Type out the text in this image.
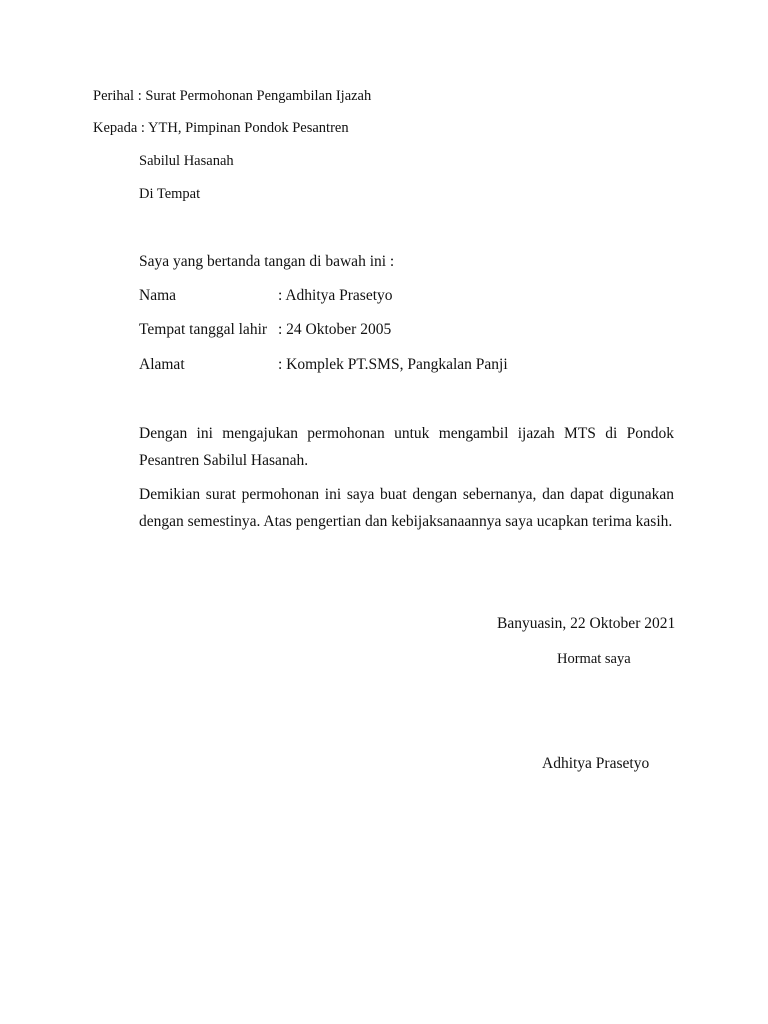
Perihal : Surat Permohonan Pengambilan Ijazah
Kepada : YTH, Pimpinan Pondok Pesantren
Sabilul Hasanah
Di Tempat
Saya yang bertanda tangan di bawah ini :
Nama	: Adhitya Prasetyo
Tempat tanggal lahir : 24 Oktober 2005
Alamat	: Komplek PT.SMS, Pangkalan Panji
Dengan ini mengajukan permohonan untuk mengambil ijazah MTS di Pondok Pesantren Sabilul Hasanah.
Demikian surat permohonan ini saya buat dengan sebernanya, dan dapat digunakan dengan semestinya. Atas pengertian dan kebijaksanaannya saya ucapkan terima kasih.
Banyuasin, 22 Oktober 2021
Hormat saya
Adhitya Prasetyo
